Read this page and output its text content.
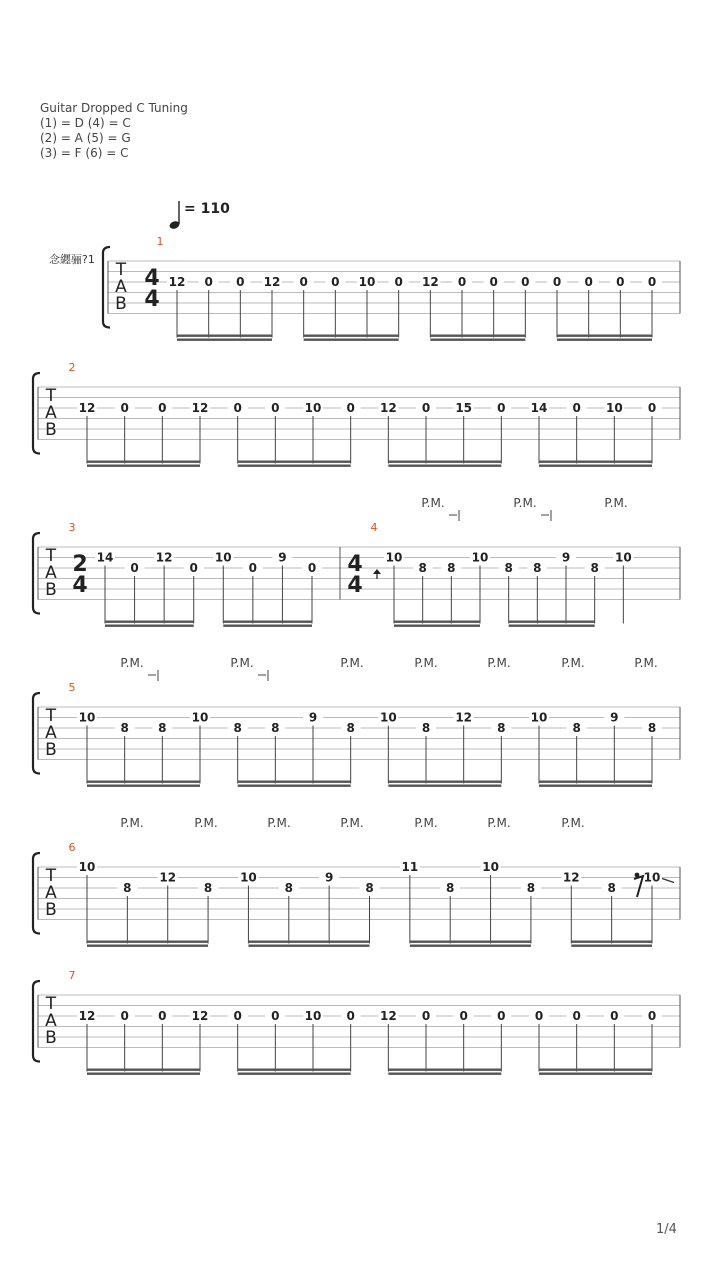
Guitar Dropped C Tuning
(1) = D (4) = C
(2) = A (5) = G
(3) = F (6) = C
= 110
念纒骊?1
T
A
B
1
4
4
12 0 0 12 0 0 10 0 12 0 0 0 0 0 0 0
T
A
B
2
12 0 0 12 0 0 10 0 12 0 15 0 14 0 10 0
T
A
B
3
2
4
14
0
12
0
10
0
9
0
4
4
4
10
8 8
10
8 8
9
8
10
P.M.	P.M.	P.M.
T
A
B
5
10
8 8
10
8 8
9
8
10
8
12
8
10
8
9
8
P.M.	P.M.	P.M.	P.M.	P.M.	P.M.	P.M.
T
A
B
6
10
8
12
8
10
8
9
8
11
8
10
8
12
8
10
P.M.	P.M.	P.M.	P.M.	P.M.	P.M.	P.M.
T
A
B
7
12 0 0 12 0 0 10 0 12 0 0 0 0 0 0 0
1/4
